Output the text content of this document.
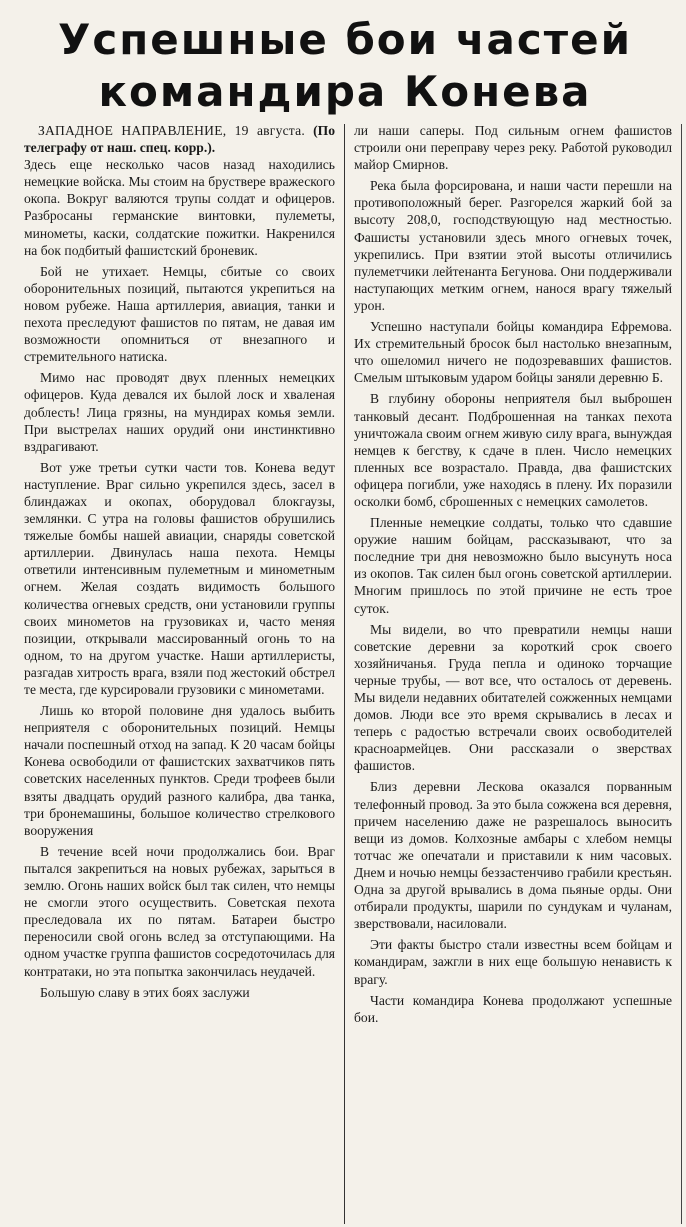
Успешные бои частей
командира Конева

ЗАПАДНОЕ НАПРАВЛЕНИЕ, 19 августа. (По телеграфу от наш. спец. корр.).

Здесь еще несколько часов назад находились немецкие войска. Мы стоим на бруствере вражеского окопа. Вокруг валяются трупы солдат и офицеров. Разбросаны германские винтовки, пулеметы, минометы, каски, солдатские пожитки. Накренился на бок подбитый фашистский броневик.

Бой не утихает. Немцы, сбитые со своих оборонительных позиций, пытаются укрепиться на новом рубеже. Наша артиллерия, авиация, танки и пехота преследуют фашистов по пятам, не давая им возможности опомниться от внезапного и стремительного натиска.

Мимо нас проводят двух пленных немецких офицеров. Куда девался их былой лоск и хваленая доблесть! Лица грязны, на мундирах комья земли. При выстрелах наших орудий они инстинктивно вздрагивают.

Вот уже третьи сутки части тов. Конева ведут наступление. Враг сильно укрепился здесь, засел в блиндажах и окопах, оборудовал блокгаузы, землянки. С утра на головы фашистов обрушились тяжелые бомбы нашей авиации, снаряды советской артиллерии. Двинулась наша пехота. Немцы ответили интенсивным пулеметным и минометным огнем. Желая создать видимость большого количества огневых средств, они установили группы своих минометов на грузовиках и, часто меняя позиции, открывали массированный огонь то на одном, то на другом участке. Наши артиллеристы, разгадав хитрость врага, взяли под жестокий обстрел те места, где курсировали грузовики с минометами.

Лишь ко второй половине дня удалось выбить неприятеля с оборонительных позиций. Немцы начали поспешный отход на запад. К 20 часам бойцы Конева освободили от фашистских захватчиков пять советских населенных пунктов. Среди трофеев были взяты двадцать орудий разного калибра, два танка, три бронемашины, большое количество стрелкового вооружения

В течение всей ночи продолжались бои. Враг пытался закрепиться на новых рубежах, зарыться в землю. Огонь наших войск был так силен, что немцы не смогли этого осуществить. Советская пехота преследовала их по пятам. Батареи быстро переносили свой огонь вслед за отступающими. На одном участке группа фашистов сосредоточилась для контратаки, но эта попытка закончилась неудачей.

Большую славу в этих боях заслужи

ли наши саперы. Под сильным огнем фашистов строили они переправу через реку. Работой руководил майор Смирнов.

Река была форсирована, и наши части перешли на противоположный берег. Разгорелся жаркий бой за высоту 208,0, господствующую над местностью. Фашисты установили здесь много огневых точек, укрепились. При взятии этой высоты отличились пулеметчики лейтенанта Бегунова. Они поддерживали наступающих метким огнем, нанося врагу тяжелый урон.

Успешно наступали бойцы командира Ефремова. Их стремительный бросок был настолько внезапным, что ошеломил ничего не подозревавших фашистов. Смелым штыковым ударом бойцы заняли деревню Б.

В глубину обороны неприятеля был выброшен танковый десант. Подброшенная на танках пехота уничтожала своим огнем живую силу врага, вынуждая немцев к бегству, к сдаче в плен. Число немецких пленных все возрастало. Правда, два фашистских офицера погибли, уже находясь в плену. Их поразили осколки бомб, сброшенных с немецких самолетов.

Пленные немецкие солдаты, только что сдавшие оружие нашим бойцам, рассказывают, что за последние три дня невозможно было высунуть носа из окопов. Так силен был огонь советской артиллерии. Многим пришлось по этой причине не есть трое суток.

Мы видели, во что превратили немцы наши советские деревни за короткий срок своего хозяйничанья. Груда пепла и одиноко торчащие черные трубы, — вот все, что осталось от деревень. Мы видели недавних обитателей сожженных немцами домов. Люди все это время скрывались в лесах и теперь с радостью встречали своих освободителей красноармейцев. Они рассказали о зверствах фашистов.

Близ деревни Лескова оказался порванным телефонный провод. За это была сожжена вся деревня, причем населению даже не разрешалось выносить вещи из домов. Колхозные амбары с хлебом немцы тотчас же опечатали и приставили к ним часовых. Днем и ночью немцы беззастенчиво грабили крестьян. Одна за другой врывались в дома пьяные орды. Они отбирали продукты, шарили по сундукам и чуланам, зверствовали, насиловали.

Эти факты быстро стали известны всем бойцам и командирам, зажгли в них еще большую ненависть к врагу.

Части командира Конева продолжают успешные бои.
